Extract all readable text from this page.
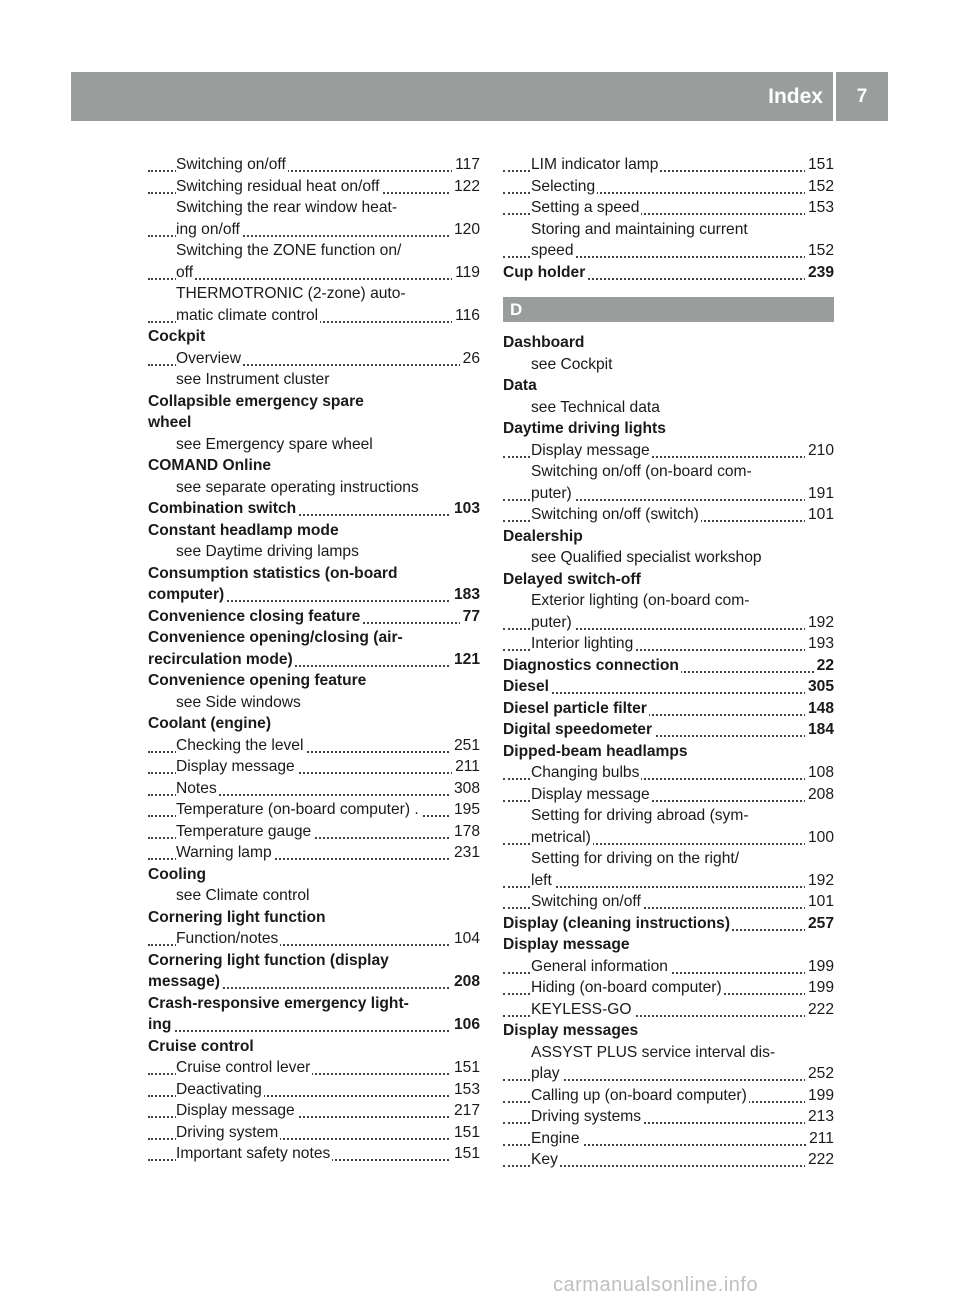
Index	7
Switching on/off	117
Switching residual heat on/off	122
Switching the rear window heat-
ing on/off	120
Switching the ZONE function on/
off	119
THERMOTRONIC (2-zone) auto-
matic climate control	116
Cockpit
Overview	26
see Instrument cluster
Collapsible emergency spare
wheel
see Emergency spare wheel
COMAND Online
see separate operating instructions
Combination switch	103
Constant headlamp mode
see Daytime driving lamps
Consumption statistics (on-board
computer)	183
Convenience closing feature	77
Convenience opening/closing (air-
recirculation mode)	121
Convenience opening feature
see Side windows
Coolant (engine)
Checking the level	251
Display message	211
Notes	308
Temperature (on-board computer) . 195
Temperature gauge	178
Warning lamp	231
Cooling
see Climate control
Cornering light function
Function/notes	104
Cornering light function (display
message)	208
Crash-responsive emergency light-
ing	106
Cruise control
Cruise control lever	151
Deactivating	153
Display message	217
Driving system	151
Important safety notes	151
LIM indicator lamp	151
Selecting	152
Setting a speed	153
Storing and maintaining current
speed	152
Cup holder	239
D
Dashboard
see Cockpit
Data
see Technical data
Daytime driving lights
Display message	210
Switching on/off (on-board com-
puter)	191
Switching on/off (switch)	101
Dealership
see Qualified specialist workshop
Delayed switch-off
Exterior lighting (on-board com-
puter)	192
Interior lighting	193
Diagnostics connection	22
Diesel	305
Diesel particle filter	148
Digital speedometer	184
Dipped-beam headlamps
Changing bulbs	108
Display message	208
Setting for driving abroad (sym-
metrical)	100
Setting for driving on the right/
left	192
Switching on/off	101
Display (cleaning instructions)	257
Display message
General information	199
Hiding (on-board computer)	199
KEYLESS-GO	222
Display messages
ASSYST PLUS service interval dis-
play	252
Calling up (on-board computer)	199
Driving systems	213
Engine	211
Key	222
carmanualsonline.info
